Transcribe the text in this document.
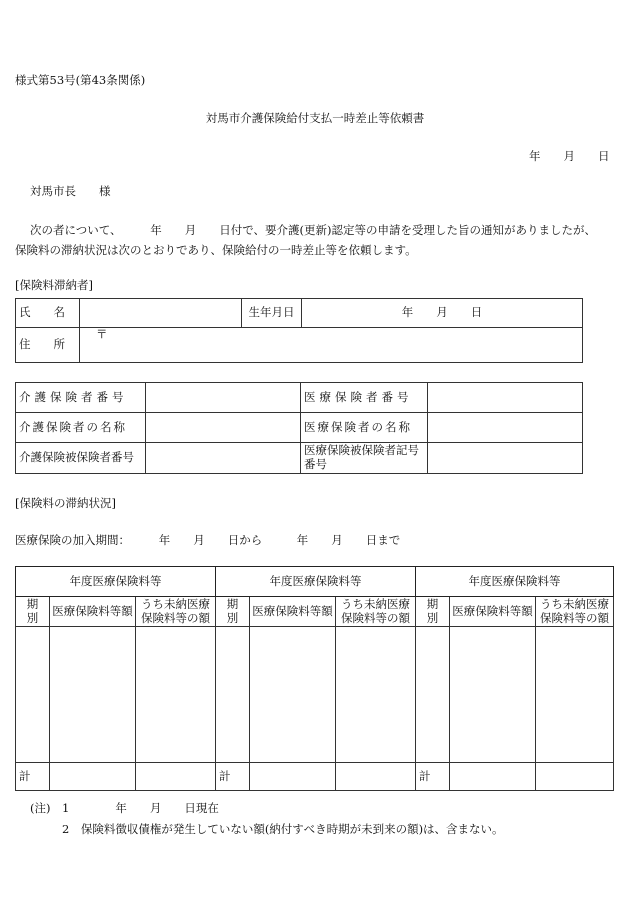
様式第53号(第43条関係)
対馬市介護保険給付支払一時差止等依頼書
年　　月　　日
対馬市長　　様
次の者について、　　　年　　月　　日付で、要介護(更新)認定等の申請を受理した旨の通知がありましたが、
保険料の滞納状況は次のとおりであり、保険給付の一時差止等を依頼します。
[保険料滞納者]
氏　　名		生年月日	年　　月　　日
住　　所	〒		
介護保険者番号		医療保険者番号	
介護保険者の名称		医療保険者の名称	
介護保険被保険者番号		医療保険被保険者記号番号	
[保険料の滞納状況]
医療保険の加入期間：　　　年　　月　　日から　　　年　　月　　日まで
年度医療保険料等			年度医療保険料等			年度医療保険料等		
期　別	医療保険料等額	うち未納医療保険料等の額	期　別	医療保険料等額	うち未納医療保険料等の額	期　別	医療保険料等額	うち未納医療保険料等の額

計			計			計		
(注) 1　　　　年　　月　　日現在
2　保険料徴収債権が発生していない額(納付すべき時期が未到来の額)は、含まない。
